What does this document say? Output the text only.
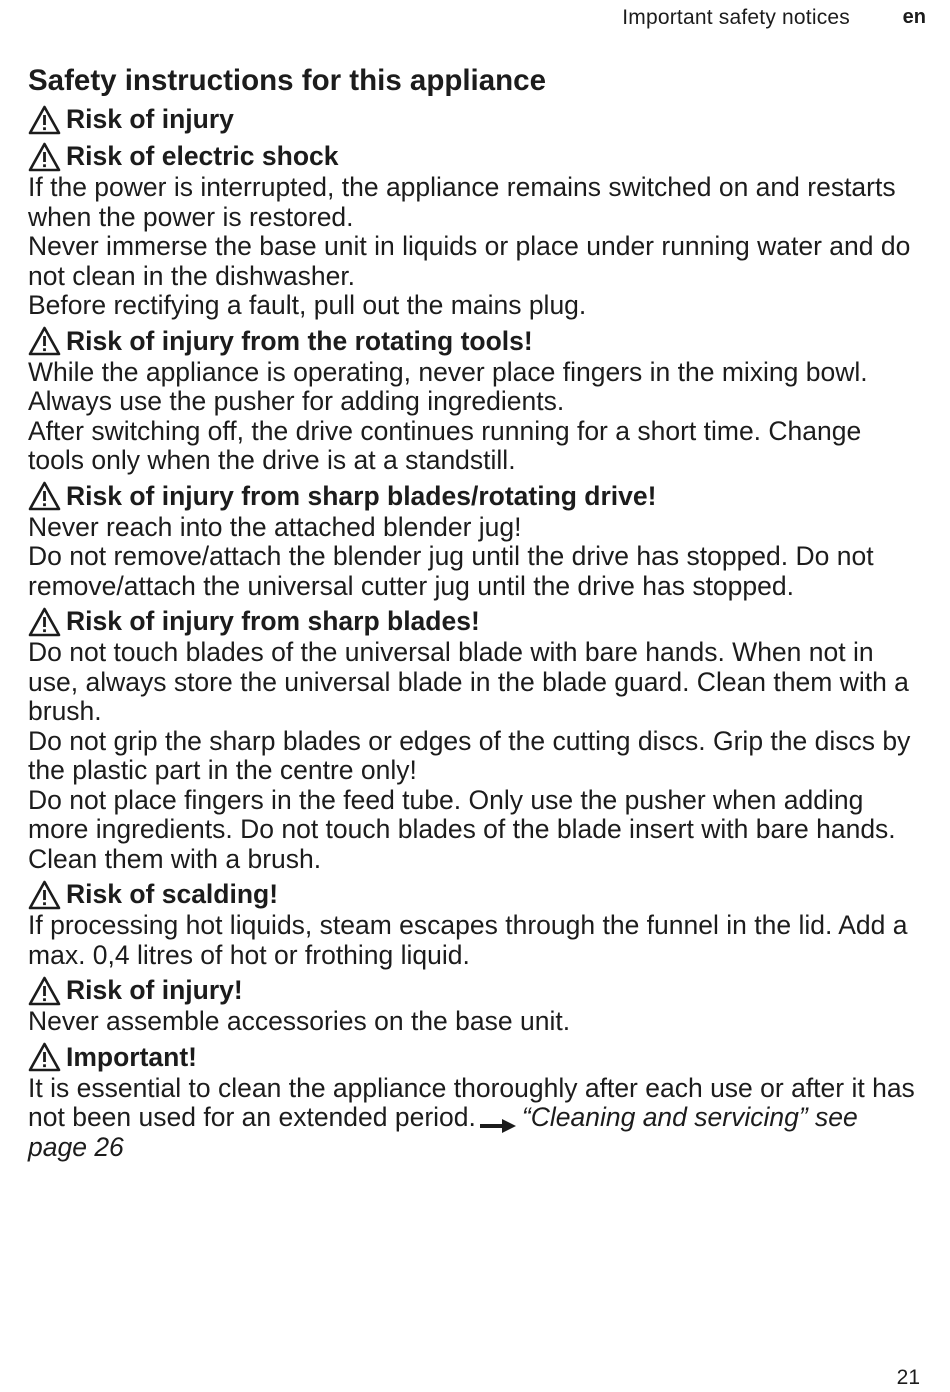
Important safety notices	en
Safety instructions for this appliance
Risk of injury
Risk of electric shock

If the power is interrupted, the appliance remains switched on and restarts when the power is restored.

Never immerse the base unit in liquids or place under running water and do not clean in the dishwasher.

Before rectifying a fault, pull out the mains plug.

Risk of injury from the rotating tools!

While the appliance is operating, never place fingers in the mixing bowl. Always use the pusher for adding ingredients.

After switching off, the drive continues running for a short time. Change tools only when the drive is at a standstill.

Risk of injury from sharp blades/rotating drive!

Never reach into the attached blender jug!

Do not remove/attach the blender jug until the drive has stopped. Do not remove/attach the universal cutter jug until the drive has stopped.

Risk of injury from sharp blades!

Do not touch blades of the universal blade with bare hands. When not in use, always store the universal blade in the blade guard. Clean them with a brush.

Do not grip the sharp blades or edges of the cutting discs. Grip the discs by the plastic part in the centre only!

Do not place fingers in the feed tube. Only use the pusher when adding more ingredients. Do not touch blades of the blade insert with bare hands. Clean them with a brush.

Risk of scalding!

If processing hot liquids, steam escapes through the funnel in the lid. Add a max. 0,4 litres of hot or frothing liquid.

Risk of injury!

Never assemble accessories on the base unit.

Important!

It is essential to clean the appliance thoroughly after each use or after it has not been used for an extended period. “Cleaning and servicing” see page 26

21
